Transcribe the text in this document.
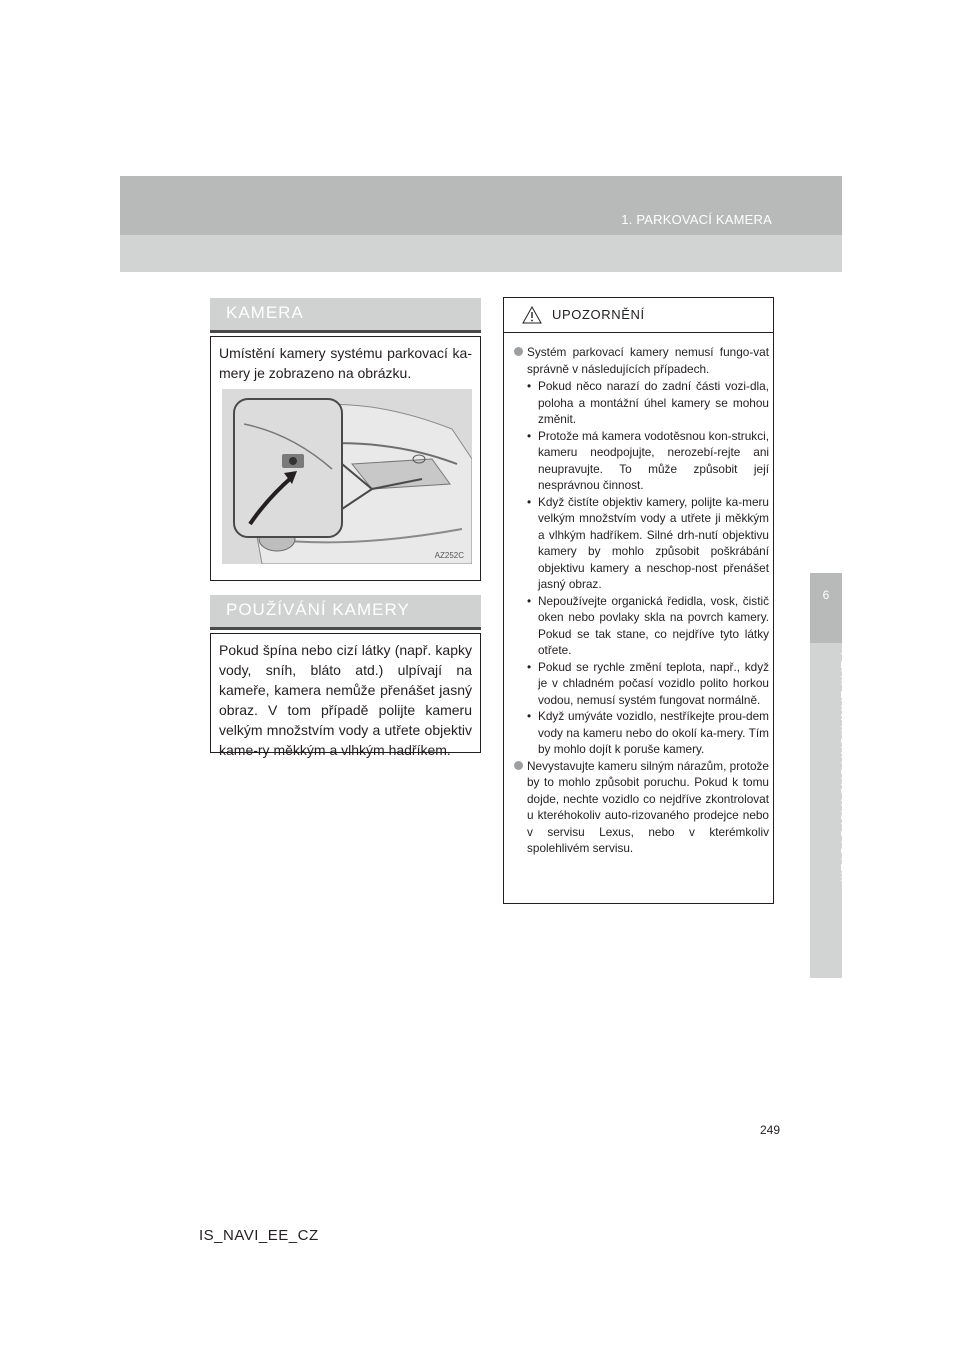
1. PARKOVACÍ KAMERA
6
PERIFERNÍ MONITOROVACÍ SYSTÉM
KAMERA

Umístění kamery systému parkovací ka-mery je zobrazeno na obrázku.

AZ252C
POUŽÍVÁNÍ KAMERY

Pokud špína nebo cizí látky (např. kapky vody, sníh, bláto atd.) ulpívají na kameře, kamera nemůže přenášet jasný obraz. V tom případě polijte kameru velkým množstvím vody a utřete objektiv kame-ry měkkým a vlhkým hadříkem.

UPOZORNĚNÍ
Systém parkovací kamery nemusí fungo-vat správně v následujících případech.
• Pokud něco narazí do zadní části vozi-dla, poloha a montážní úhel kamery se mohou změnit.
• Protože má kamera vodotěsnou kon-strukci, kameru neodpojujte, nerozebí-rejte ani neupravujte. To může způsobit její nesprávnou činnost.
• Když čistíte objektiv kamery, polijte ka-meru velkým množstvím vody a utřete ji měkkým a vlhkým hadříkem. Silné drh-nutí objektivu kamery by mohlo způsobit poškrábání objektivu kamery a neschop-nost přenášet jasný obraz.
• Nepoužívejte organická ředidla, vosk, čistič oken nebo povlaky skla na povrch kamery. Pokud se tak stane, co nejdříve tyto látky otřete.
• Pokud se rychle změní teplota, např., když je v chladném počasí vozidlo polito horkou vodou, nemusí systém fungovat normálně.
• Když umýváte vozidlo, nestříkejte prou-dem vody na kameru nebo do okolí ka-mery. Tím by mohlo dojít k poruše kamery.
Nevystavujte kameru silným nárazům, protože by to mohlo způsobit poruchu. Pokud k tomu dojde, nechte vozidlo co nejdříve zkontrolovat u kteréhokoliv auto-rizovaného prodejce nebo v servisu Lexus, nebo v kterémkoliv spolehlivém servisu.
249
IS_NAVI_EE_CZ
